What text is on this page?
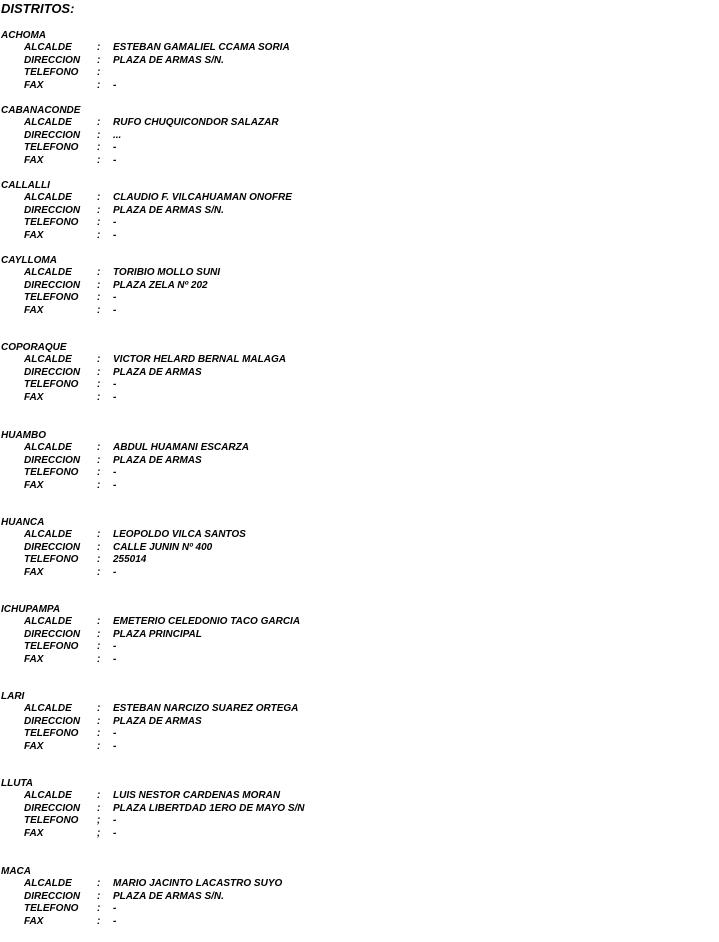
DISTRITOS:
ACHOMA
ALCALDE	: ESTEBAN GAMALIEL CCAMA SORIA
DIRECCION : PLAZA DE ARMAS S/N.
TELEFONO :
FAX	: -
CABANACONDE
ALCALDE	: RUFO CHUQUICONDOR SALAZAR
DIRECCION : ...
TELEFONO : -
FAX	: -
CALLALLI
ALCALDE	: CLAUDIO F. VILCAHUAMAN ONOFRE
DIRECCION : PLAZA DE ARMAS S/N.
TELEFONO : -
FAX	: -
CAYLLOMA
ALCALDE	: TORIBIO MOLLO SUNI
DIRECCION : PLAZA ZELA Nº 202
TELEFONO : -
FAX	: -
COPORAQUE
ALCALDE	: VICTOR HELARD BERNAL MALAGA
DIRECCION : PLAZA DE ARMAS
TELEFONO : -
FAX	: -
HUAMBO
ALCALDE	: ABDUL HUAMANI ESCARZA
DIRECCION : PLAZA DE ARMAS
TELEFONO : -
FAX	: -
HUANCA
ALCALDE	: LEOPOLDO VILCA SANTOS
DIRECCION : CALLE JUNIN Nº 400
TELEFONO : 255014
FAX	: -
ICHUPAMPA
ALCALDE	: EMETERIO CELEDONIO TACO GARCIA
DIRECCION : PLAZA PRINCIPAL
TELEFONO : -
FAX	: -
LARI
ALCALDE	: ESTEBAN NARCIZO SUAREZ ORTEGA
DIRECCION : PLAZA DE ARMAS
TELEFONO : -
FAX	: -
LLUTA
ALCALDE	: LUIS NESTOR CARDENAS MORAN
DIRECCION : PLAZA LIBERTDAD 1ERO DE MAYO S/N
TELEFONO ; -
FAX	; -
MACA
ALCALDE	: MARIO JACINTO LACASTRO SUYO
DIRECCION : PLAZA DE ARMAS S/N.
TELEFONO : -
FAX	: -
